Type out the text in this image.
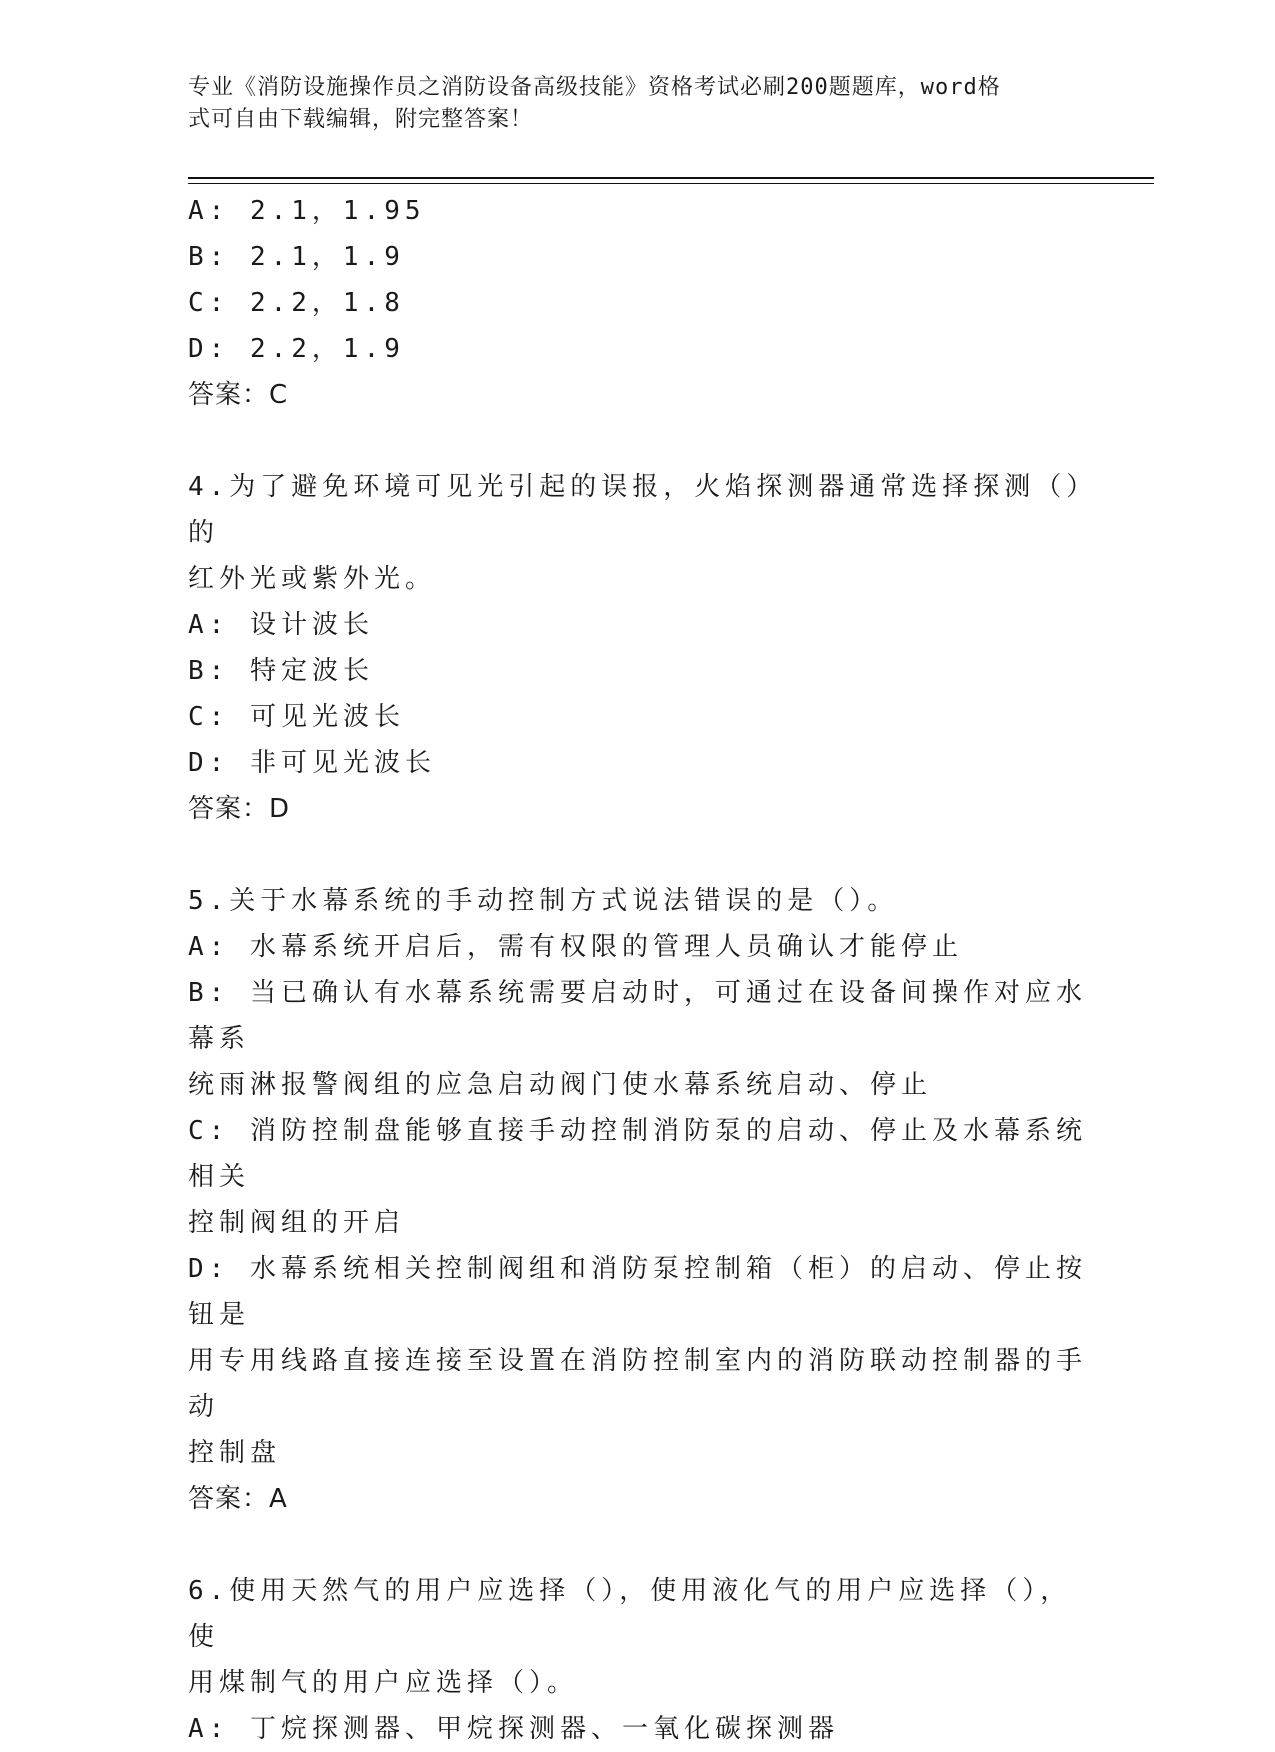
专业《消防设施操作员之消防设备高级技能》资格考试必刷200题题库，word格
式可自由下载编辑，附完整答案！

A: 2.1，1.95

B: 2.1，1.9

C: 2.2，1.8

D: 2.2，1.9

答案：C

4.为了避免环境可见光引起的误报，火焰探测器通常选择探测（）的

红外光或紫外光。

A: 设计波长

B: 特定波长

C: 可见光波长

D: 非可见光波长

答案：D

5.关于水幕系统的手动控制方式说法错误的是（）。

A: 水幕系统开启后，需有权限的管理人员确认才能停止

B: 当已确认有水幕系统需要启动时，可通过在设备间操作对应水幕系

统雨淋报警阀组的应急启动阀门使水幕系统启动、停止

C: 消防控制盘能够直接手动控制消防泵的启动、停止及水幕系统相关

控制阀组的开启

D: 水幕系统相关控制阀组和消防泵控制箱（柜）的启动、停止按钮是

用专用线路直接连接至设置在消防控制室内的消防联动控制器的手动

控制盘

答案：A

6.使用天然气的用户应选择（），使用液化气的用户应选择（），使

用煤制气的用户应选择（）。

A: 丁烷探测器、甲烷探测器、一氧化碳探测器
